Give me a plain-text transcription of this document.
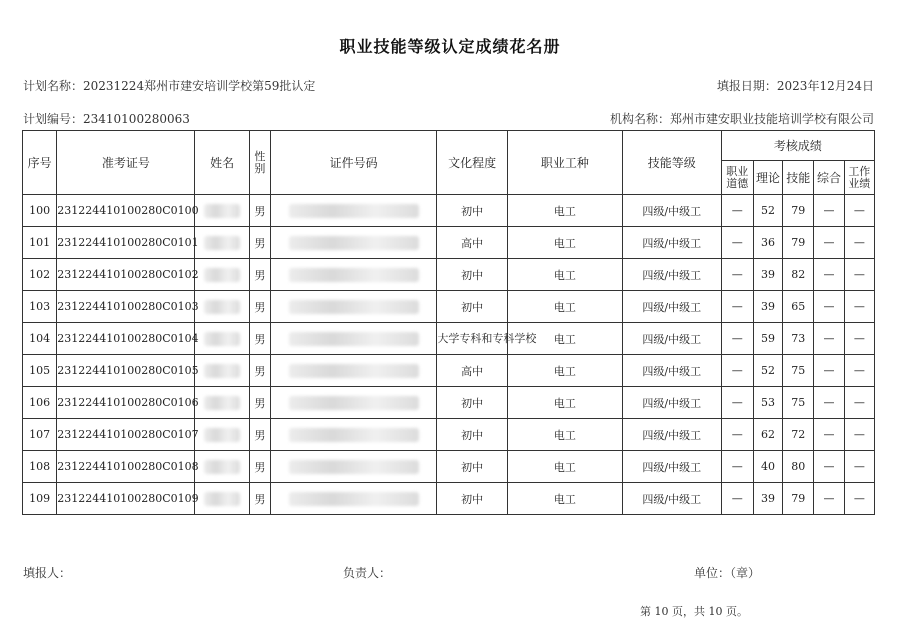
职业技能等级认定成绩花名册
计划名称：20231224郑州市建安培训学校第59批认定	填报日期：2023年12月24日
计划编号：23410100280063	机构名称：郑州市建安职业技能培训学校有限公司
序号	准考证号	姓名	性别	证件号码	文化程度	职业工种	技能等级	考核成绩				
								职业道德	理论	技能	综合	工作业绩
100	231224410100280C0100		男		初中	电工	四级/中级工	—	52	79	—	—
101	231224410100280C0101		男		高中	电工	四级/中级工	—	36	79	—	—
102	231224410100280C0102		男		初中	电工	四级/中级工	—	39	82	—	—
103	231224410100280C0103		男		初中	电工	四级/中级工	—	39	65	—	—
104	231224410100280C0104		男		大学专科和专科学校	电工	四级/中级工	—	59	73	—	—
105	231224410100280C0105		男		高中	电工	四级/中级工	—	52	75	—	—
106	231224410100280C0106		男		初中	电工	四级/中级工	—	53	75	—	—
107	231224410100280C0107		男		初中	电工	四级/中级工	—	62	72	—	—
108	231224410100280C0108		男		初中	电工	四级/中级工	—	40	80	—	—
109	231224410100280C0109		男		初中	电工	四级/中级工	—	39	79	—	—
填报人：	负责人：	单位：（章）
第 10 页，共 10 页。
